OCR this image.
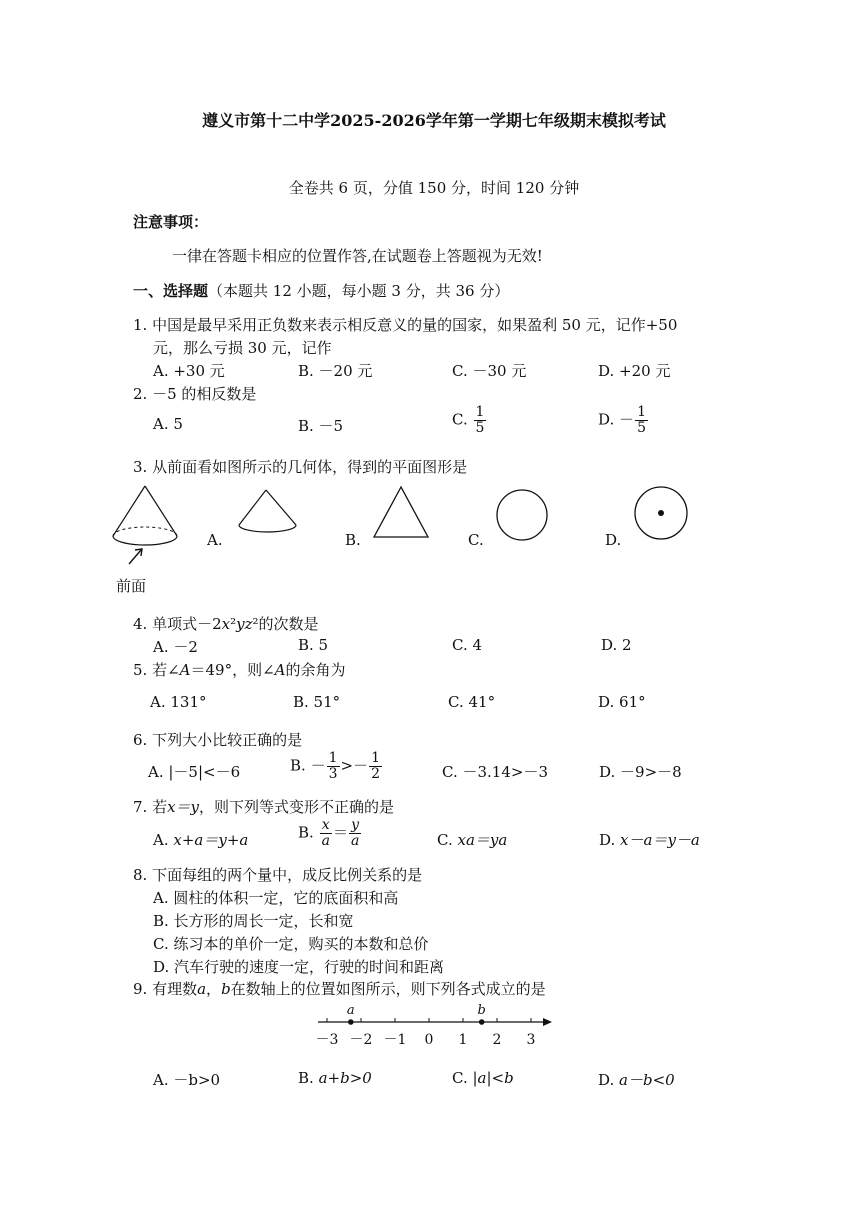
遵义市第十二中学2025-2026学年第一学期七年级期末模拟考试
全卷共 6 页，分值 150 分，时间 120 分钟
注意事项：
一律在答题卡相应的位置作答,在试题卷上答题视为无效!
一、选择题（本题共 12 小题，每小题 3 分，共 36 分）
1. 中国是最早采用正负数来表示相反意义的量的国家，如果盈利 50 元，记作+50
元，那么亏损 30 元，记作
A. +30 元	B. －20 元	C. －30 元	D. +20 元
2. －5 的相反数是
A. 5	B. －5	C. $\frac{1}{5}$	D. － $\frac{1}{5}$
3. 从前面看如图所示的几何体，得到的平面图形是
前面
A.	B.	C.	D.
4. 单项式－2x²yz²的次数是
A. －2	B. 5	C. 4	D. 2
5. 若∠A＝49°，则∠A的余角为
A. 131°	B. 51°	C. 41°	D. 61°
6. 下列大小比较正确的是
A. |－5|<－6	B. － $\frac{1}{3} >- \frac{1}{2}$	C. －3.14>－3	D. －9>－8
7. 若x＝y，则下列等式变形不正确的是
A. x+a＝y+a	B. $\frac{x}{a} = \frac{y}{a}$	C. xa＝ya	D. x－a＝y－a
8. 下面每组的两个量中，成反比例关系的是
A. 圆柱的体积一定，它的底面积和高
B. 长方形的周长一定，长和宽
C. 练习本的单价一定，购买的本数和总价
D. 汽车行驶的速度一定，行驶的时间和距离
9. 有理数a，b在数轴上的位置如图所示，则下列各式成立的是
－3 －2 －1 0 1 2 3
a	b
A. －b>0	B. a+b>0	C. |a|<b	D. a－b<0
